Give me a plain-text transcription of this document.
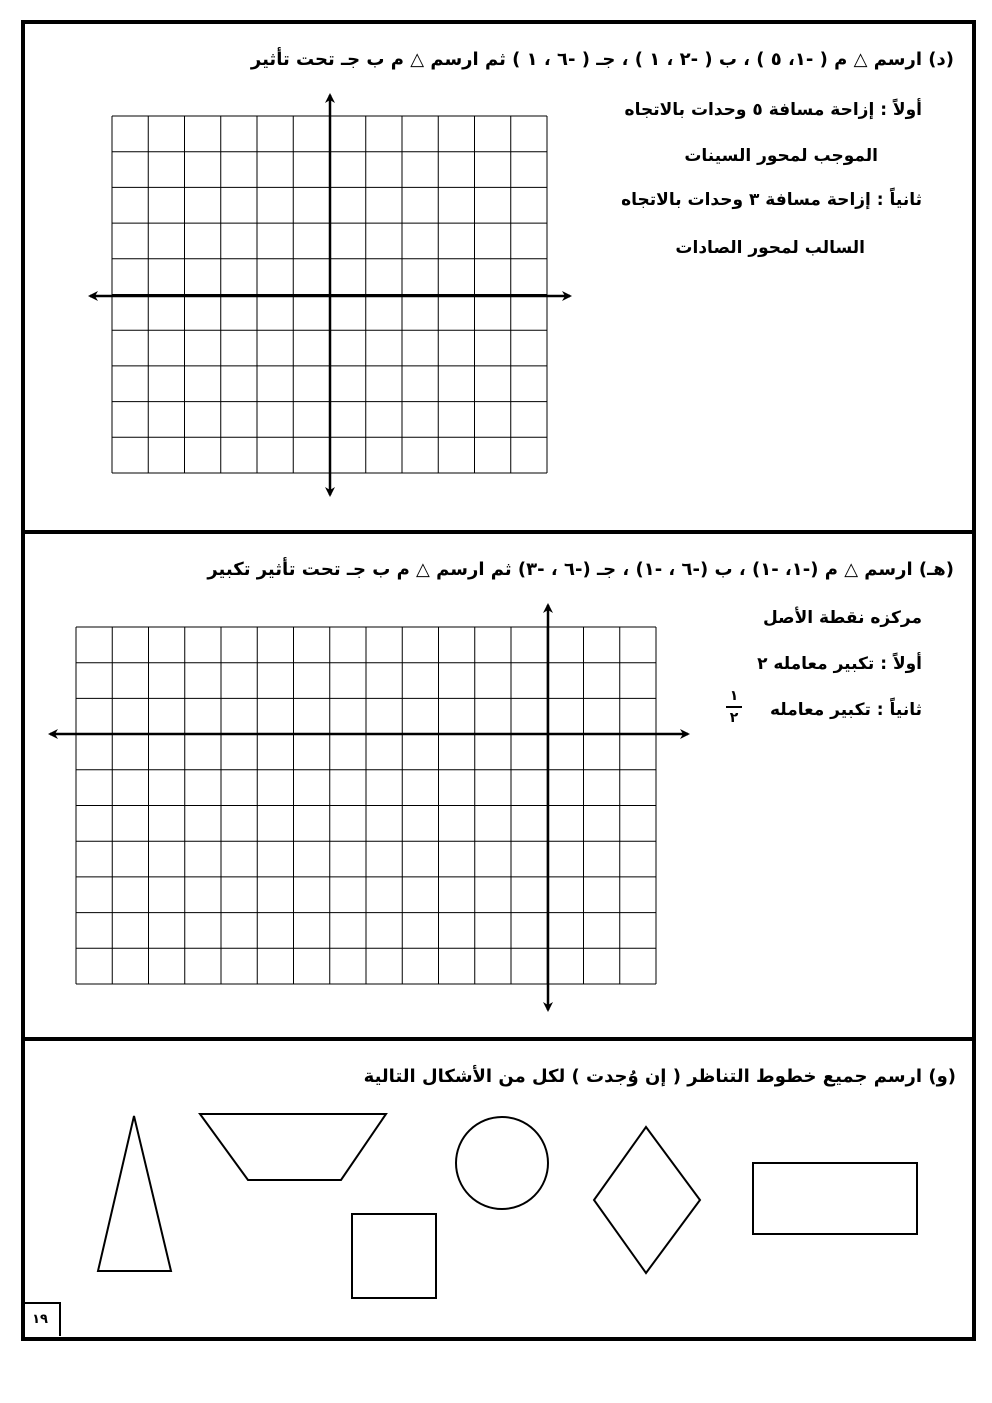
(د) ارسم △ ﻡ ( -١، ٥ ) ، ب ( -٢ ، ١ ) ، جـ ( -٦ ، ١ ) ثم ارسم △ ﻡ ب جـ تحت تأثير
أولاً : إزاحة مسافة ٥ وحدات بالاتجاه
الموجب لمحور السينات
ثانياً : إزاحة مسافة ٣ وحدات بالاتجاه
السالب لمحور الصادات
(هـ) ارسم △ ﻡ (-١، -١) ، ب (-٦ ، -١) ، جـ (-٦ ، -٣) ثم ارسم △ ﻡ ب جـ تحت تأثير تكبير
مركزه نقطة الأصل
أولاً : تكبير معامله ٢
ثانياً : تكبير معامله
١
٢
(و) ارسم جميع خطوط التناظر ( إن وُجدت ) لكل من الأشكال التالية
١٩
